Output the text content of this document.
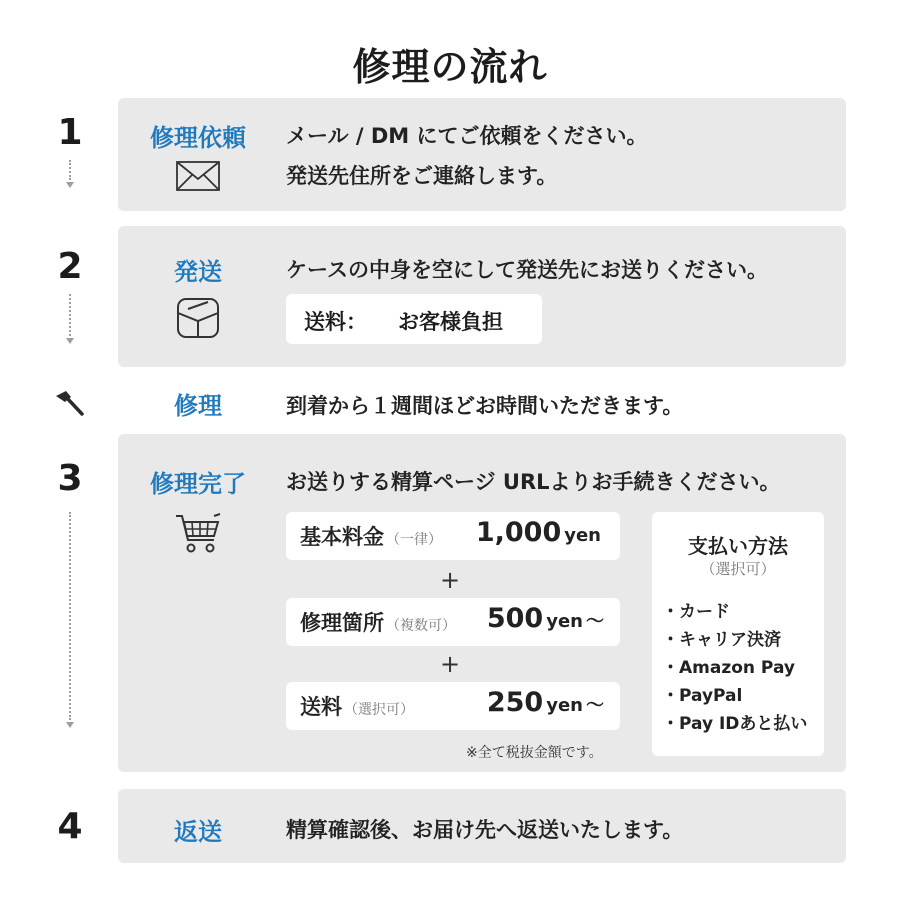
修理の流れ
1	修理依頼	メール / DM にてご依頼をください。
発送先住所をご連絡します。
2	発送	ケースの中身を空にして発送先にお送りください。
送料： お客様負担
修理	到着から１週間ほどお時間いただきます。
3	修理完了	お送りする精算ページ URLよりお手続きください。
基本料金 （一律） 1,000 yen
+
修理箇所 （複数可） 500 yen 〜
+
送料 （選択可）	250 yen 〜
※全て税抜金額です。
支払い方法
（選択可）
・ カード
・ キャリア決済
・ Amazon Pay
・ PayPal
・ Pay IDあと払い
4	返送	精算確認後、お届け先へ返送いたします。
